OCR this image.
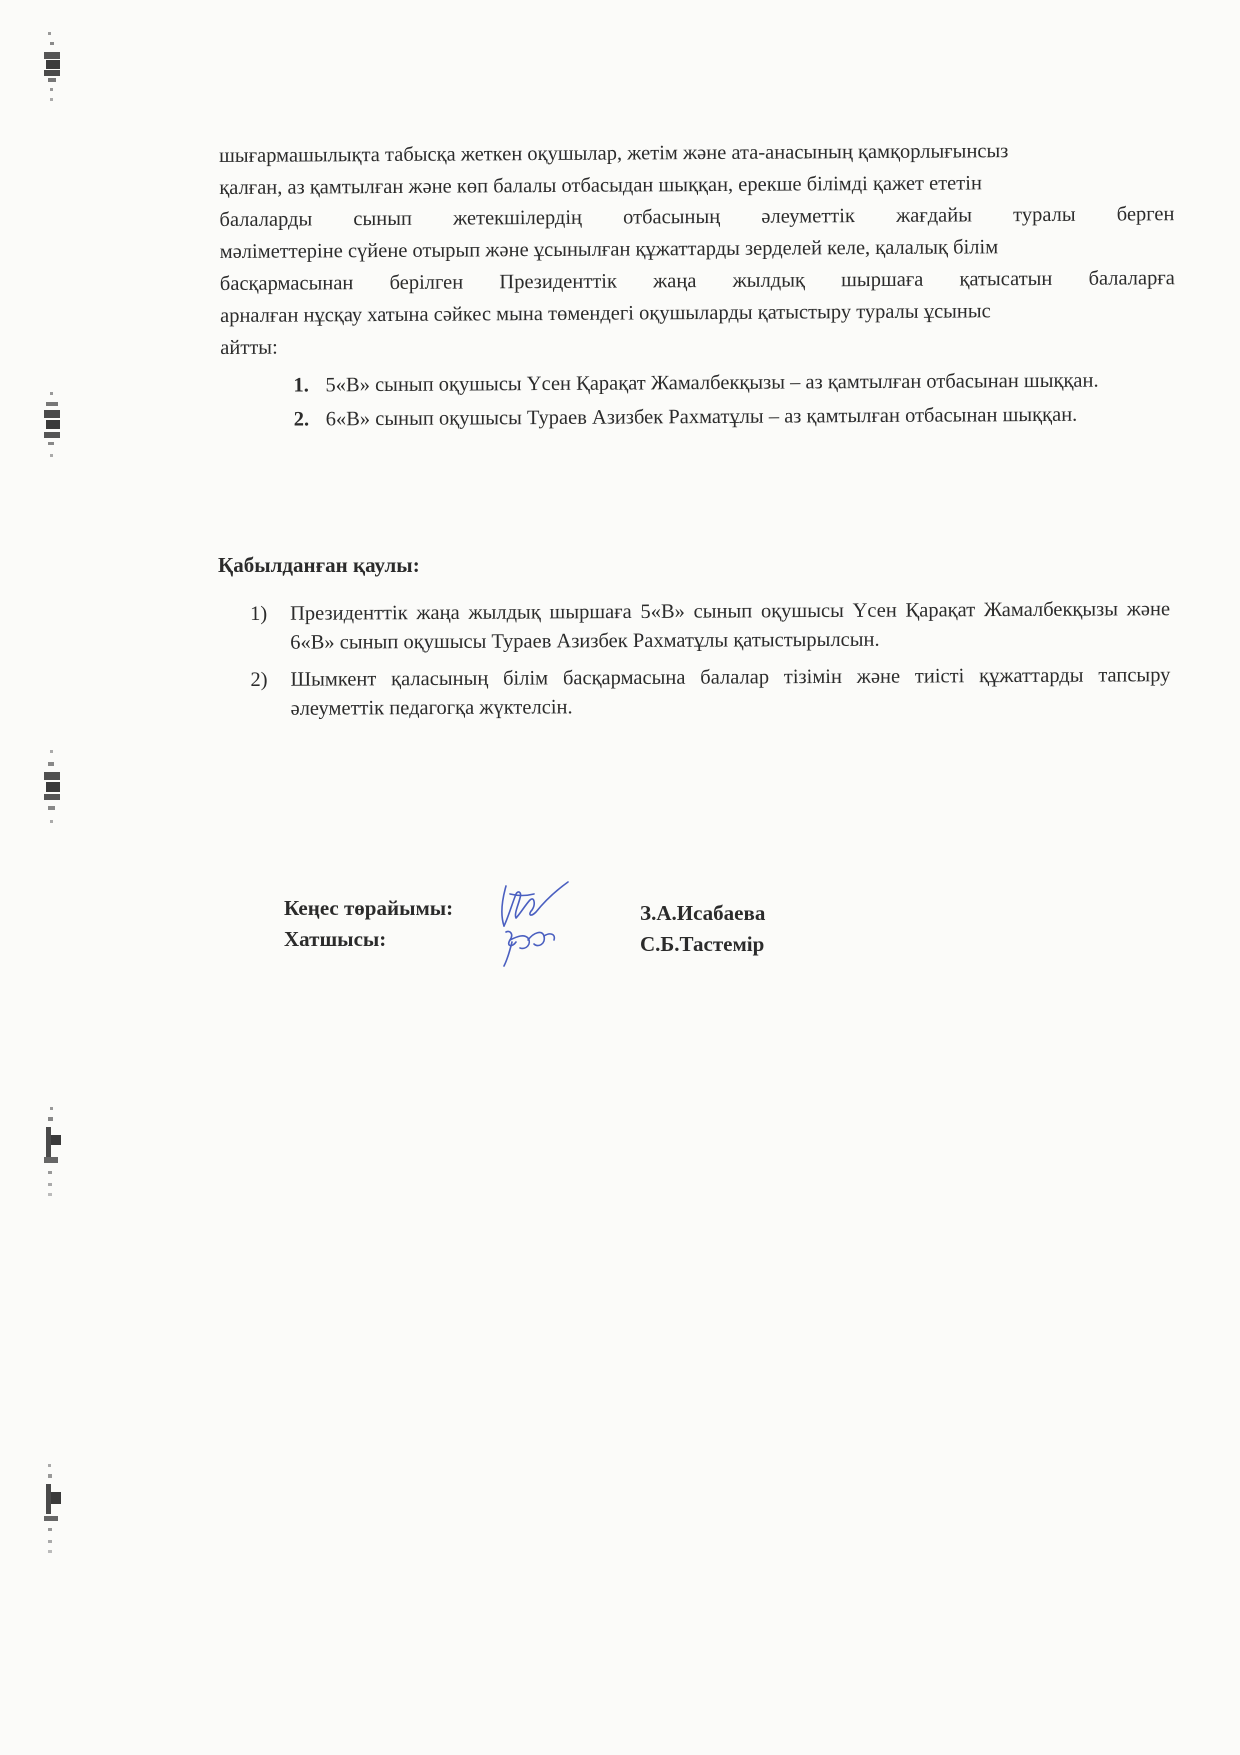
шығармашылықта табысқа жеткен оқушылар, жетім және ата-анасының қамқорлығынсыз
қалған, аз қамтылған және көп балалы отбасыдан шыққан, ерекше білімді қажет ететін
балаларды сынып жетекшілердің отбасының әлеуметтік жағдайы туралы берген
мәліметтеріне сүйене отырып және ұсынылған құжаттарды зерделей келе, қалалық білім
басқармасынан берілген Президенттік жаңа жылдық шыршаға қатысатын балаларға
арналған нұсқау хатына сәйкес мына төмендегі оқушыларды қатыстыру туралы ұсыныс
айтты:

1. 5«В» сынып оқушысы Үсен Қарақат Жамалбекқызы – аз қамтылған отбасынан шыққан.
2. 6«В» сынып оқушысы Тураев Азизбек Рахматұлы – аз қамтылған отбасынан шыққан.
Қабылданған қаулы:
1) Президенттік жаңа жылдық шыршаға 5«В» сынып оқушысы Үсен Қарақат Жамалбекқызы және 6«В» сынып оқушысы Тураев Азизбек Рахматұлы қатыстырылсын.
2) Шымкент қаласының білім басқармасына балалар тізімін және тиісті құжаттарды тапсыру әлеуметтік педагогқа жүктелсін.

Кеңес төрайымы:

Хатшысы:

З.А.Исабаева

С.Б.Тастемір
